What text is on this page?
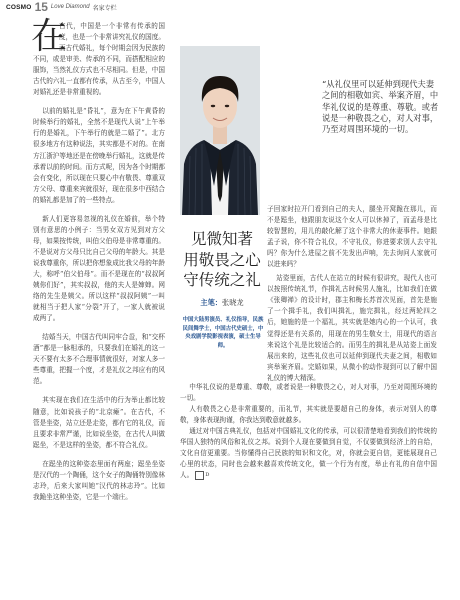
COSMO 15 Love Diamond 名家专栏

在
古代，中国是一个非常有传承的国度，也是一个非常讲究礼仪的国度。而古代婚礼，每个时期会因为民族的不同，或是审美、传承的不同，而搭配相应的服饰，当然礼仪方式也不尽相同。但是，中国古代的六礼一直都有传承，从古至今，中国人对婚礼还是非常重视的。

以前的婚礼是“昏礼”，意为在下午黄昏的时候举行的婚礼，全然不是现代人说“上午举行的是婚礼，下午举行的就是二婚了”。北方很多地方有这种说法，其实都是不对的。在南方江浙沪等地还是在傍晚举行婚礼，这就是传承着以前的时间。而方式呢，因为各个时期都会有变化，所以现在只要心中有敬畏、尊重双方父母、尊重来宾就很好，现在很多中西结合的婚礼都是加了的一些特点。

新人们更容易忽视的礼仪在婚前，举个特别有意思的小例子：当男女双方见到对方父母，如果按传统，叫伯父伯母是非常尊重的。不是说对方父母只比自己父母的年龄大。其是说我尊重你，所以把你想象成比我父母的年龄大，称呼“伯父伯母”。而不是现在的“叔叔阿姨你们好”，其实叔叔，他的夫人是婶婶。网络的先生是姨父。所以这样“叔叔阿姨”一叫就相当于把人家“分裂”开了，一家人就被说成两了。

结婚当天，中国古代叫同牢合巹，和“交杯酒”都是一脉相承的，只要我们在婚礼的这一天不要有太多不合理事情就很好，对家人多一些尊重，把握一个度，才是礼仪之邦应有的风范。

其实现在我们在生活中的行为举止都比较随意，比如说孩子的“北京瘫”。在古代，不管是坐姿，站立还是走姿，都有它的礼仪，而且要求非常严谨，比如说坐姿，在古代人叫做跽坐，不是这样的坐姿，都不符合礼仪。

在跽坐的这种姿态里面有两座；跽坐坐姿是汉代的一个陶俑，这个女子的陶俑特别像林志玲，后来大家叫她“汉代的林志玲”。比如我跪坐这种坐姿，它是一个端庄。

“从礼仪里可以延伸到现代夫妻之间的相敬如宾、举案齐眉，中华礼仪说的是尊重、尊敬。或者说是一种敬畏之心，对人对事，乃至对周围环境的一切。
见微知著
用敬畏之心
守传统之礼
主笔：张晓龙
中国大陆男演员、礼仪指导，民族民间舞学士，中国古代史硕士，中央戏剧学院影视表演，硕士生导师。

子回家时拉开门看到自己的夫人，腿坐开窝跪在那儿，而不是跽坐，他跟朋友说这个女人可以休掉了，而孟母是比较智慧的，用儿的敲化解了这个非常大的休妻事件。她跟孟子说，你不符合礼仪，不守礼仪，你进要求别人去守礼吗？你为什么进屋之前不先发出声响，先去询问人家就可以进来吗？

站姿里面，古代人在站立的时候有很讲究，现代人也可以按照传统礼节，作揖礼古时候男人施礼，比如我们在做《张卿禅》的设计时，郡主和梅长苏首次见面，首先是施了一个揖手礼，我们叫揖礼，施完揖礼，经过两轮四之后，她施的是一个福礼，其实就是她内心的一个认可，我觉得还是有关系的，用现在的男生敬女士，用现代的语言来说这个礼是比较适合的。而男生的揖礼是从站姿上面发展出来的，这些礼仪也可以延伸到现代夫妻之间，相敬如宾举案齐眉。完婚如果，从微小的动作现到可以了解中国礼仪的博大精深。

中华礼仪说的是尊重、尊敬，或者说是一种敬畏之心，对人对事，乃至对周围环境的一切。

人有敬畏之心是非常重要的，而礼节，其实就是要超自己的身体，表示对别人的尊敬，身体表现拘谨，你我达到敬意就越多。

通过对中国古典礼仪，包括对中国婚礼文化的传承，可以很清楚地看到我们的传统的华国人独特的风俗和礼仪之邦。说到个人现在要做到自觉，不仅要做到经济上的自给，文化自信更重要。当你懂得自己民族的知识和文化，对，你就会更自信，更能展现自己心里的状态，同时也会越来越喜欢传统文化，做一个行为有度，举止有礼的自信中国人。 D
